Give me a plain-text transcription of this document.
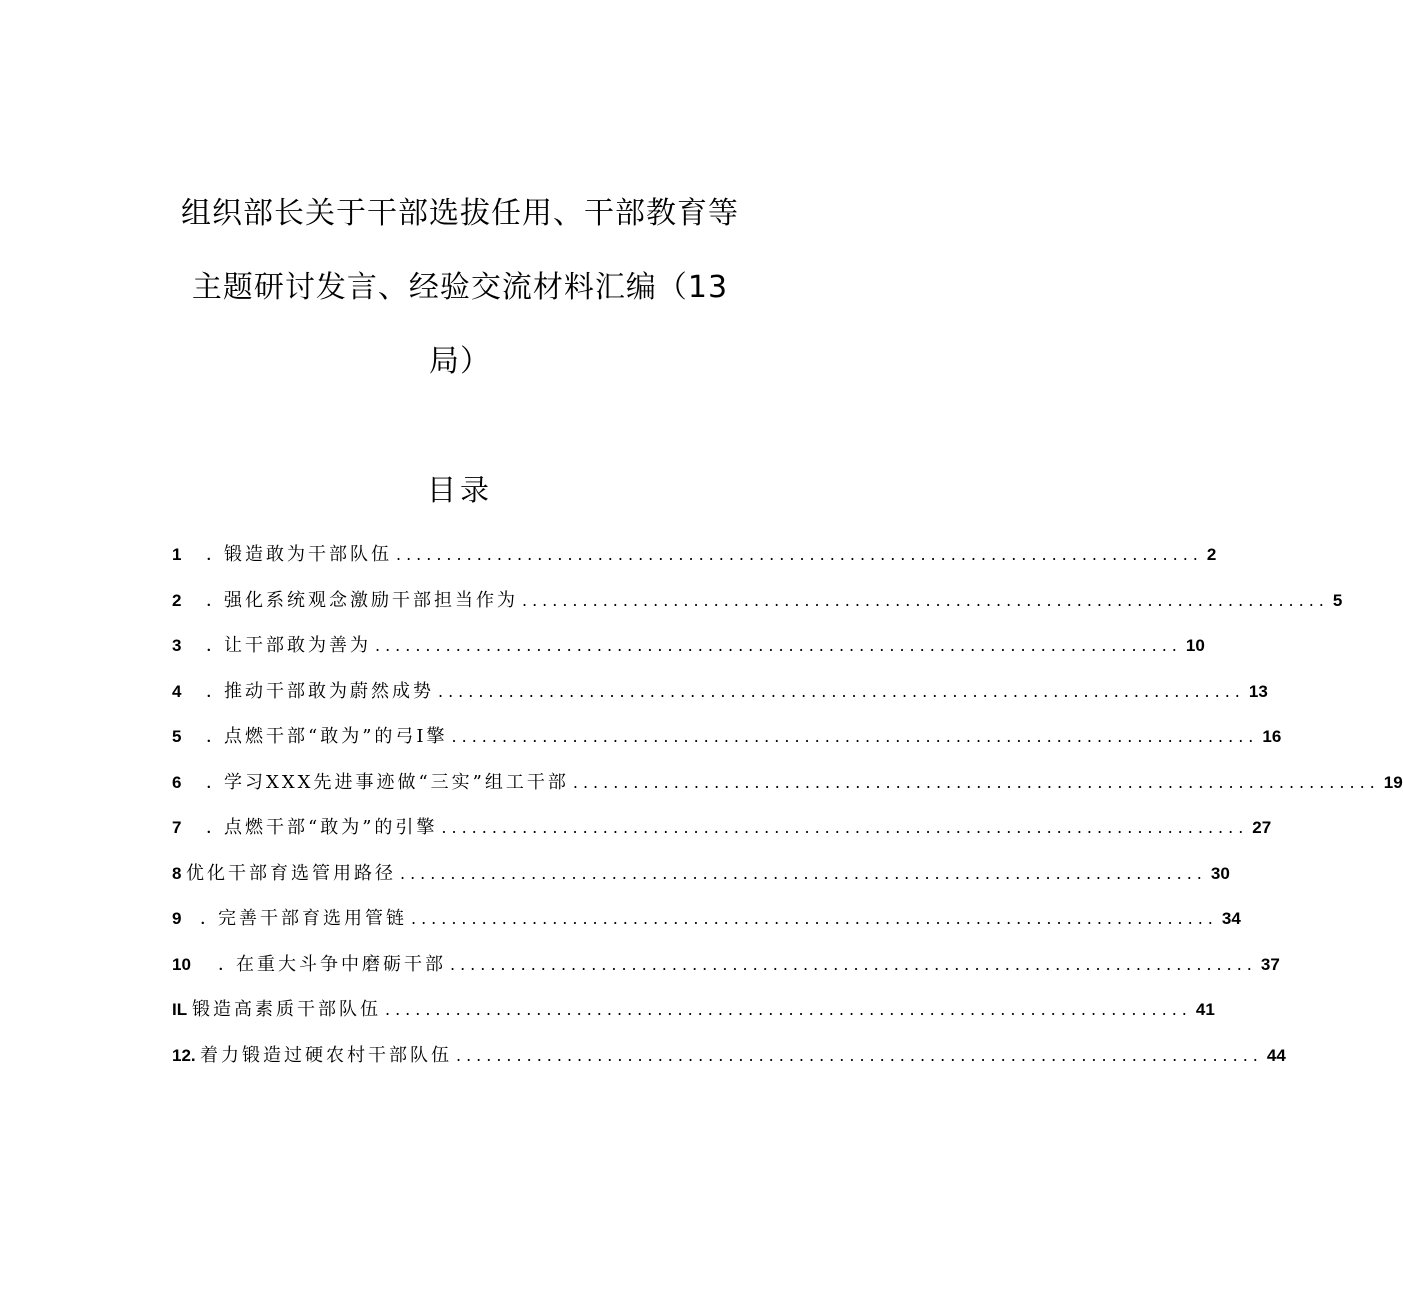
组织部长关于干部选拔任用、干部教育等
主题研讨发言、经验交流材料汇编（13
局）
目录
1	． 锻造敢为干部队伍 ................................................................................ 2
2	． 强化系统观念激励干部担当作为 ................................................................................ 5
3	． 让干部敢为善为 ................................................................................ 10
4	． 推动干部敢为蔚然成势 ................................................................................ 13
5	． 点燃干部“敢为”的弓I擎 ................................................................................ 16
6	． 学习XXX先进事迹做“三实”组工干部 ................................................................................ 19
7	． 点燃干部“敢为”的引擎 ................................................................................ 27
8 优化干部育选管用路径 ................................................................................ 30
9	． 完善干部育选用管链 ................................................................................ 34
10	． 在重大斗争中磨砺干部 ................................................................................ 37
IL 锻造高素质干部队伍 ................................................................................ 41
12. 着力锻造过硬农村干部队伍 ................................................................................ 44
